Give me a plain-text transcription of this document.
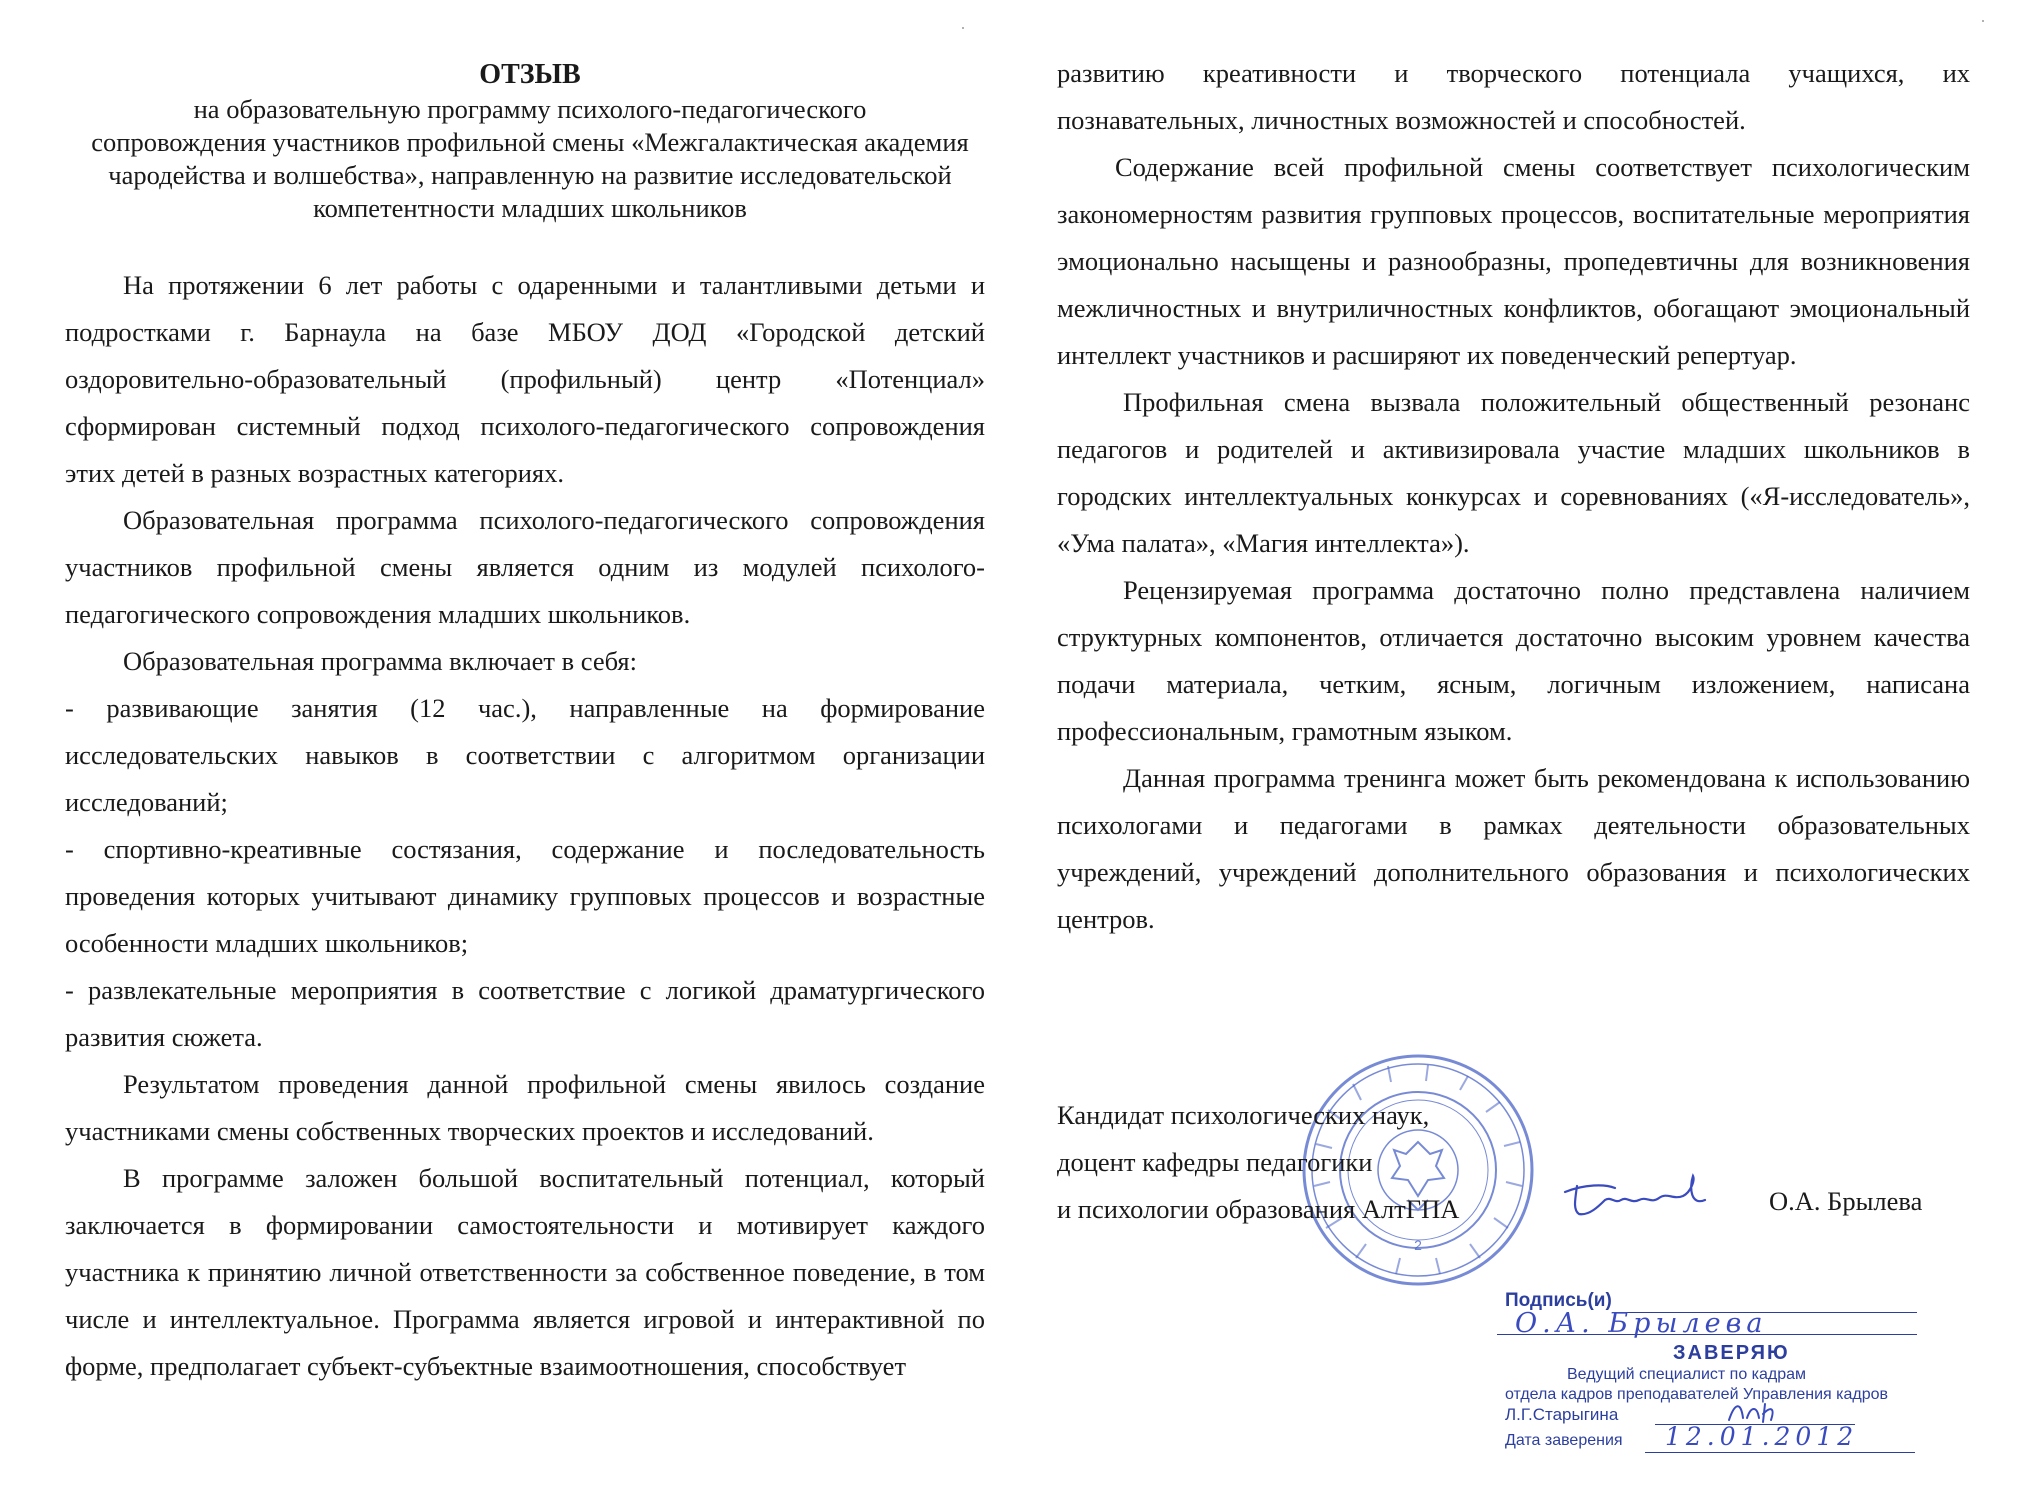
ОТЗЫВ
на образовательную программу психолого-педагогического
сопровождения участников профильной смены «Межгалактическая академия
чародейства и волшебства», направленную на развитие исследовательской
компетентности младших школьников

На протяжении 6 лет работы с одаренными и талантливыми детьми и подростками г. Барнаула на базе МБОУ ДОД «Городской детский оздоровительно-образовательный (профильный) центр «Потенциал» сформирован системный подход психолого-педагогического сопровождения этих детей в разных возрастных категориях.

Образовательная программа психолого-педагогического сопровождения участников профильной смены является одним из модулей психолого-педагогического сопровождения младших школьников.

Образовательная программа включает в себя:

- развивающие занятия (12 час.), направленные на формирование исследовательских навыков в соответствии с алгоритмом организации исследований;

- спортивно-креативные состязания, содержание и последовательность проведения которых учитывают динамику групповых процессов и возрастные особенности младших школьников;

- развлекательные мероприятия в соответствие с логикой драматургического развития сюжета.

Результатом проведения данной профильной смены явилось создание участниками смены собственных творческих проектов и исследований.

В программе заложен большой воспитательный потенциал, который заключается в формировании самостоятельности и мотивирует каждого участника к принятию личной ответственности за собственное поведение, в том числе и интеллектуальное. Программа является игровой и интерактивной по форме, предполагает субъект-субъектные взаимоотношения, способствует

развитию креативности и творческого потенциала учащихся, их познавательных, личностных возможностей и способностей.

Содержание всей профильной смены соответствует психологическим закономерностям развития групповых процессов, воспитательные мероприятия эмоционально насыщены и разнообразны, пропедевтичны для возникновения межличностных и внутриличностных конфликтов, обогащают эмоциональный интеллект участников и расширяют их поведенческий репертуар.

Профильная смена вызвала положительный общественный резонанс педагогов и родителей и активизировала участие младших школьников в городских интеллектуальных конкурсах и соревнованиях («Я-исследователь», «Ума палата», «Магия интеллекта»).

Рецензируемая программа достаточно полно представлена наличием структурных компонентов, отличается достаточно высоким уровнем качества подачи материала, четким, ясным, логичным изложением, написана профессиональным, грамотным языком.

Данная программа тренинга может быть рекомендована к использованию психологами и педагогами в рамках деятельности образовательных учреждений, учреждений дополнительного образования и психологических центров.

2
Кандидат психологических наук,
доцент кафедры педагогики
и психологии образования АлтГПА	О.А. Брылева
Подпись(и)
О.А. Брылева
ЗАВЕРЯЮ
Ведущий специалист по кадрам
отдела кадров преподавателей Управления кадров
Л.Г.Старыгина
Дата заверения 12.01.2012
